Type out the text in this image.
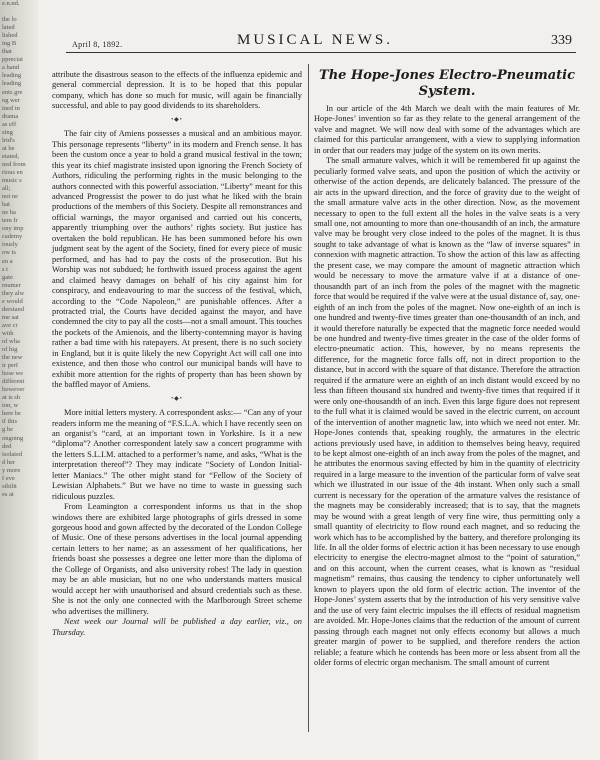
e.n.nd.

the lo
lated
lished
ing B
that
ppreciat
a hand
leading
leading
ents gre
ng wer
ined in
drama
as eff
sing
lrid's
at be
etated,
ned from
rious en
music s
all;
not ne
hat
ne ha
tem fr
ony imp
cademy
iously
ow is
en a
s t
gate
rnumer
they alw
e would
derstand
me sat
ave cr
with
of wha
of hig
the new
ir perf
hose we
different
however
at is sh
ion, w
here be
if this
g be
ongoing
ded
isolated
d her
y more
f eve
sibilit
es at
April 8, 1892.	MUSICAL NEWS.	339

attribute the disastrous season to the effects of the influenza epidemic and general commercial depression. It is to be hoped that this popular company, which has done so much for music, will again be financially successful, and able to pay good dividends to its shareholders.

•◆•

The fair city of Amiens possesses a musical and an ambitious mayor. This personage represents “liberty” in its modern and French sense. It has been the custom once a year to hold a grand musical festival in the town; this year its chief magistrate insisted upon ignoring the French Society of Authors, ridiculing the performing rights in the music belonging to the authors connected with this powerful association. “Liberty” meant for this advanced Progressist the power to do just what he liked with the brain productions of the members of this Society. Despite all remonstrances and official warnings, the mayor organised and carried out his concerts, apparently triumphing over the authors’ rights society. But justice has overtaken the bold republican. He has been summoned before his own judgment seat by the agent of the Society, fined for every piece of music performed, and has had to pay the costs of the prosecution. But his Worship was not subdued; he forthwith issued process against the agent and claimed heavy damages on behalf of his city against him for conspiracy, and endeavouring to mar the success of the festival, which, according to the “Code Napoleon,” are punishable offences. After a protracted trial, the Courts have decided against the mayor, and have condemned the city to pay all the costs—not a small amount. This touches the pockets of the Amienois, and the liberty-contemning mayor is having rather a bad time with his ratepayers. At present, there is no such society in England, but it is quite likely the new Copyright Act will call one into existence, and then those who control our municipal bands will have to exhibit more attention for the rights of property than has been shown by the baffled mayor of Amiens.

•◆•

More initial letters mystery. A correspondent asks:— “Can any of your readers inform me the meaning of “F.S.L.A. which I have recently seen on an organist’s “card, at an important town in Yorkshire. Is it a new “diploma”? Another correspondent lately saw a concert programme with the letters S.L.I.M. attached to a performer’s name, and asks, “What is the interpretation thereof”? They may indicate “Society of London Initial-letter Maniacs.” The other might stand for “Fellow of the Society of Lewisian Alphabets.” But we have no time to waste in guessing such ridiculous puzzles.

From Leamington a correspondent informs us that in the shop windows there are exhibited large photographs of girls dressed in some gorgeous hood and gown affected by the decorated of the London College of Music. One of these persons advertises in the local journal appending certain letters to her name; as an assessment of her qualifications, her friends boast she possesses a degree one letter more than the diploma of the College of Organists, and also university robes! The lady in question may be an able musician, but no one who understands matters musical would accept her with unauthorised and absurd credentials such as these. She is not the only one connected with the Marlborough Street scheme who advertises the millinery.

Next week our Journal will be published a day earlier, viz., on Thursday.

The Hope-Jones Electro-Pneumatic
System.

In our article of the 4th March we dealt with the main features of Mr. Hope-Jones’ invention so far as they relate to the general arrangement of the valve and magnet. We will now deal with some of the advantages which are claimed for this particular arrangement, with a view to supplying information in order that our readers may judge of the system on its own merits.

The small armature valves, which it will be remembered fit up against the peculiarly formed valve seats, and upon the position of which the activity or otherwise of the action depends, are delicately balanced. The pressure of the air acts in the upward direction, and the force of gravity due to the weight of the small armature valve acts in the other direction. Now, as the movement necessary to open to the full extent all the holes in the valve seats is a very small one, not amounting to more than one-thousandth of an inch, the armature valve may be brought very close indeed to the poles of the magnet. It is thus sought to take advantage of what is known as the “law of inverse squares” in connexion with magnetic attraction. To show the action of this law as affecting the present case, we may compare the amount of magnetic attraction which would be necessary to move the armature valve if at a distance of one-thousandth part of an inch from the poles of the magnet with the magnetic force that would be required if the valve were at the usual distance of, say, one-eighth of an inch from the poles of the magnet. Now one-eighth of an inch is one hundred and twenty-five times greater than one-thousandth of an inch, and it would therefore naturally be expected that the magnetic force needed would be one hundred and twenty-five times greater in the case of the older forms of electro-pneumatic action. This, however, by no means represents the difference, for the magnetic force falls off, not in direct proportion to the distance, but in accord with the square of that distance. Therefore the attraction required if the armature were an eighth of an inch distant would exceed by no less than fifteen thousand six hundred and twenty-five times that required if it were only one-thousandth of an inch. Even this large figure does not represent to the full what it is claimed would be saved in the electric current, on account of the intervention of another magnetic law, into which we need not enter. Mr. Hope-Jones contends that, speaking roughly, the armatures in the electric actions previously used have, in addition to themselves being heavy, required to be kept almost one-eighth of an inch away from the poles of the magnet, and he attributes the enormous saving effected by him in the quantity of electricity required in a large measure to the invention of the particular form of valve seat which we illustrated in our issue of the 4th instant. When only such a small current is necessary for the operation of the armature valves the resistance of the magnets may be considerably increased; that is to say, that the magnets may be wound with a great length of very fine wire, thus permitting only a small quantity of electricity to flow round each magnet, and so reducing the work which has to be accomplished by the battery, and therefore prolonging its life. In all the older forms of electric action it has been necessary to use enough electricity to energise the electro-magnet almost to the “point of saturation,” and on this account, when the current ceases, what is known as “residual magnetism” remains, thus causing the tendency to cipher unfortunately well known to players upon the old form of electric action. The inventor of the Hope-Jones’ system asserts that by the introduction of his very sensitive valve and the use of very faint electric impulses the ill effects of residual magnetism are avoided. Mr. Hope-Jones claims that the reduction of the amount of current passing through each magnet not only effects economy but allows a much greater margin of power to be supplied, and therefore renders the action reliable; a feature which he contends has been more or less absent from all the older forms of electric organ mechanism. The small amount of current
